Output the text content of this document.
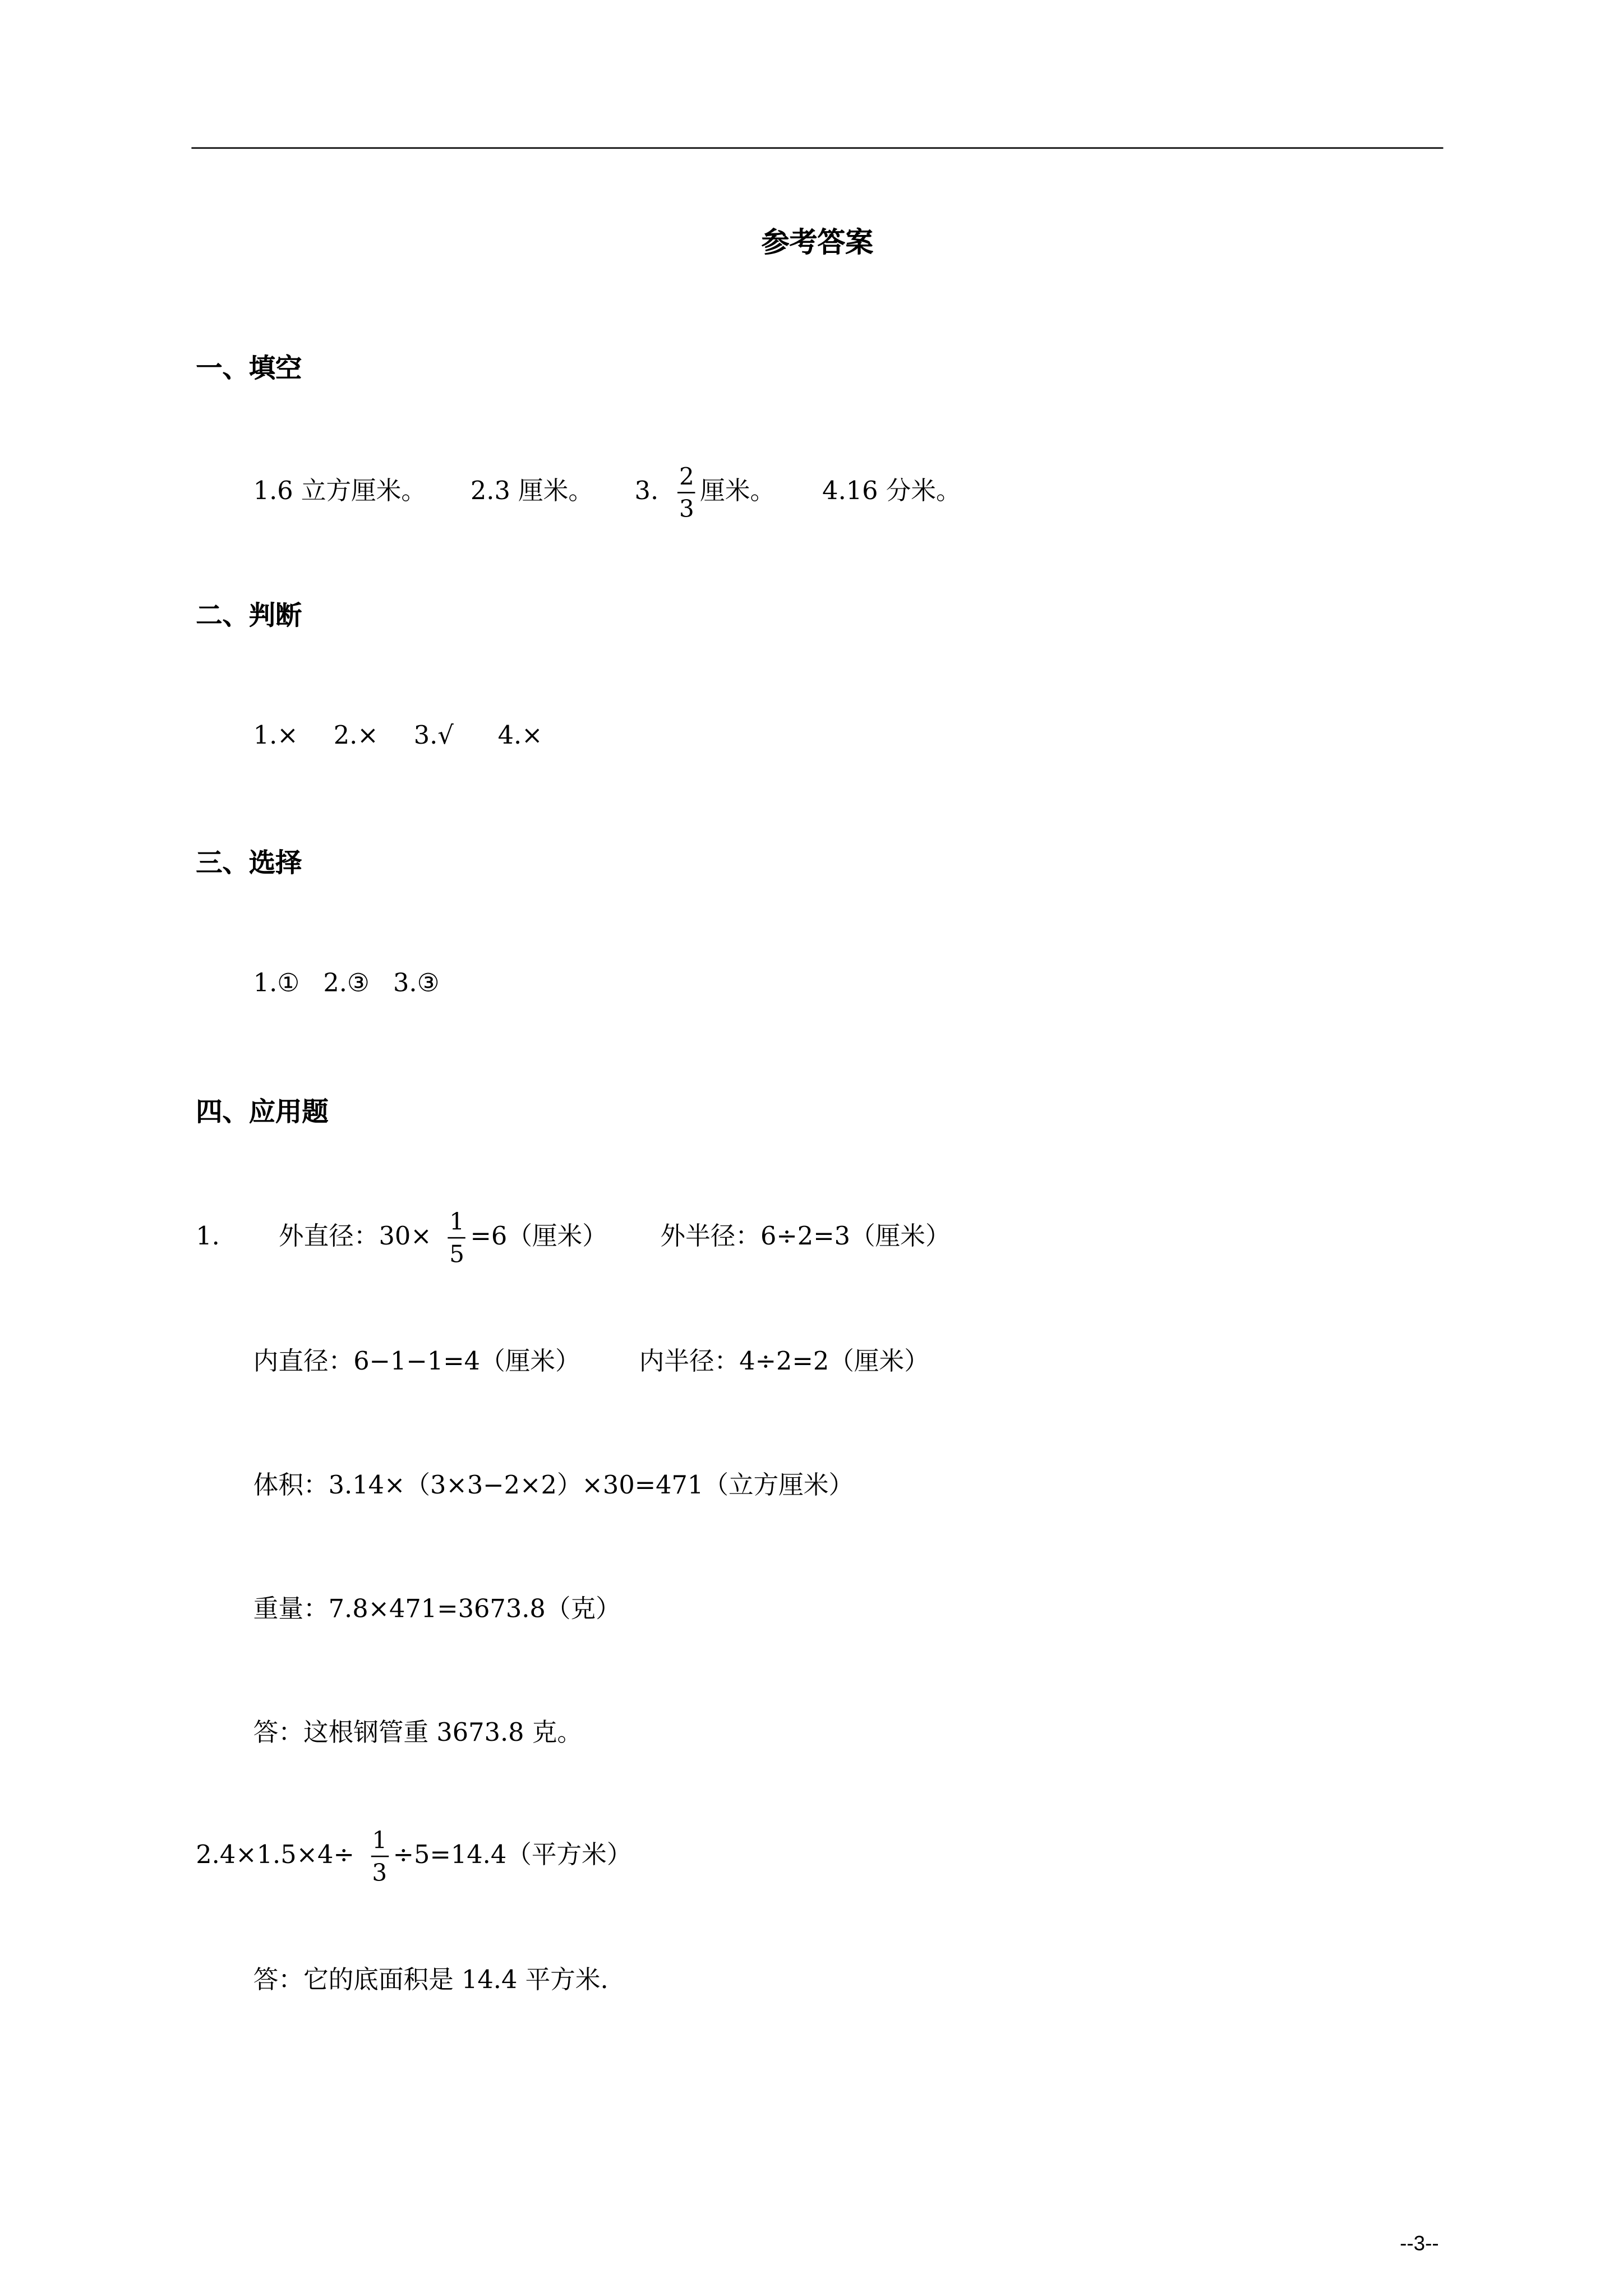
参考答案
一、填空
1.6 立方厘米。	2.3 厘米。	3. $\frac{2}{3}$ 厘米。	4.16 分米。
二、判断
1.×	2.×	3.√	4.×
三、选择
1.① 2.③ 3.③
四、应用题
1.	外直径：$30\times \frac{1}{5} =6$（厘米）	外半径：6÷2=3（厘米）
内直径：6−1−1=4（厘米）	内半径：4÷2=2（厘米）
体积：3.14×（3×3−2×2）×30=471（立方厘米）
重量：7.8×471=3673.8（克）
答：这根钢管重 3673.8 克。
$2.4\times 1.5\times 4\div \frac{1}{3} \div 5=14.4$（平方米）
答：它的底面积是 14.4 平方米.
--3--
